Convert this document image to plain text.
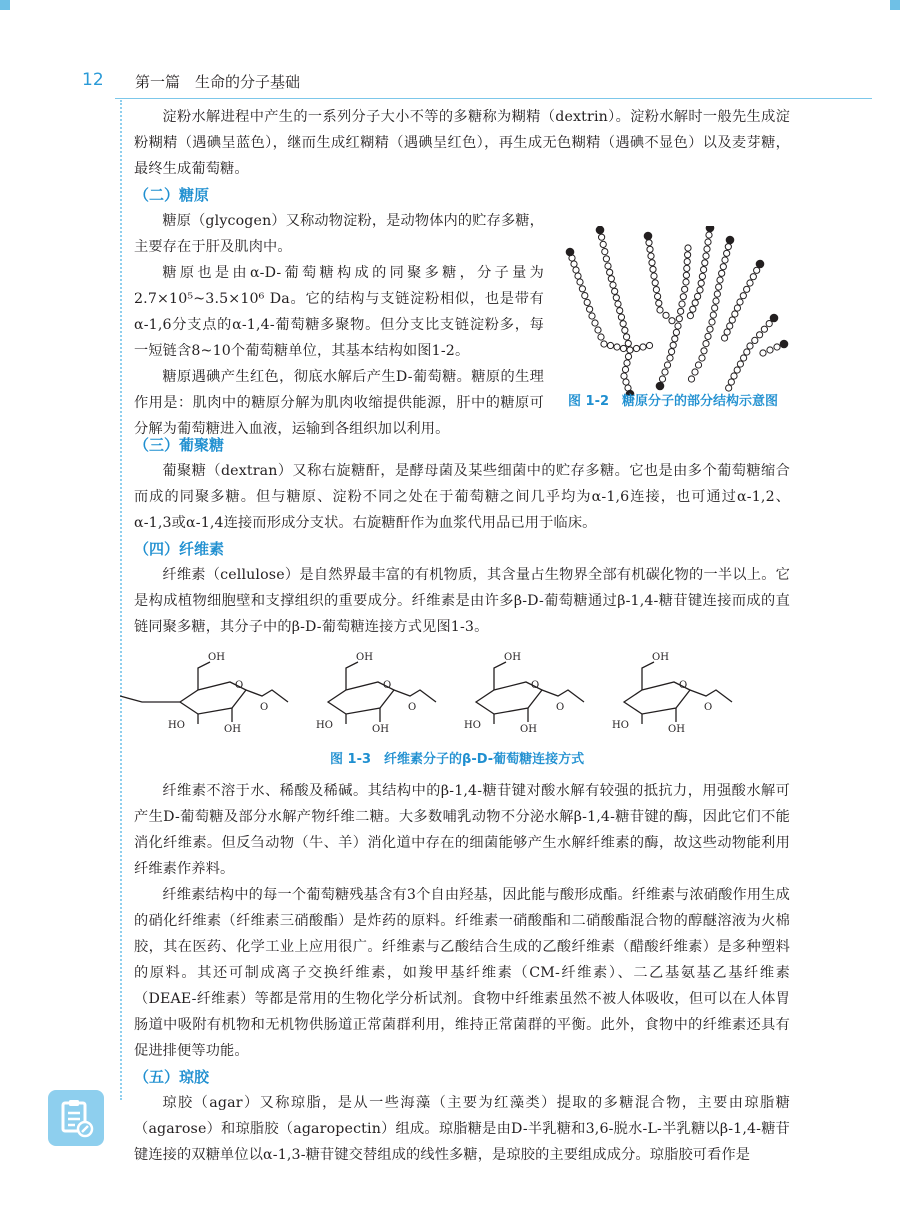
12 第一篇　生命的分子基础

淀粉水解进程中产生的一系列分子大小不等的多糖称为糊精（dextrin）。淀粉水解时一般先生成淀粉糊精（遇碘呈蓝色），继而生成红糊精（遇碘呈红色），再生成无色糊精（遇碘不显色）以及麦芽糖，最终生成葡萄糖。

（二）糖原

糖原（glycogen）又称动物淀粉，是动物体内的贮存多糖，主要存在于肝及肌肉中。

糖原也是由α-D-葡萄糖构成的同聚多糖，分子量为2.7×10⁵~3.5×10⁶ Da。它的结构与支链淀粉相似，也是带有α-1,6分支点的α-1,4-葡萄糖多聚物。但分支比支链淀粉多，每一短链含8~10个葡萄糖单位，其基本结构如图1-2。

糖原遇碘产生红色，彻底水解后产生D-葡萄糖。糖原的生理作用是：肌肉中的糖原分解为肌肉收缩提供能源，肝中的糖原可分解为葡萄糖进入血液，运输到各组织加以利用。

图 1-2　糖原分子的部分结构示意图
（三）葡聚糖

葡聚糖（dextran）又称右旋糖酐，是酵母菌及某些细菌中的贮存多糖。它也是由多个葡萄糖缩合而成的同聚多糖。但与糖原、淀粉不同之处在于葡萄糖之间几乎均为α-1,6连接，也可通过α-1,2、α-1,3或α-1,4连接而形成分支状。右旋糖酐作为血浆代用品已用于临床。

（四）纤维素

纤维素（cellulose）是自然界最丰富的有机物质，其含量占生物界全部有机碳化物的一半以上。它是构成植物细胞壁和支撑组织的重要成分。纤维素是由许多β-D-葡萄糖通过β-1,4-糖苷键连接而成的直链同聚多糖，其分子中的β-D-葡萄糖连接方式见图1-3。

OH
O
HO	OH
O
OH
O
HO	OH
O
OH
O
HO	OH
O
OH
O
HO	OH
O
图 1-3　纤维素分子的β-D-葡萄糖连接方式

纤维素不溶于水、稀酸及稀碱。其结构中的β-1,4-糖苷键对酸水解有较强的抵抗力，用强酸水解可产生D-葡萄糖及部分水解产物纤维二糖。大多数哺乳动物不分泌水解β-1,4-糖苷键的酶，因此它们不能消化纤维素。但反刍动物（牛、羊）消化道中存在的细菌能够产生水解纤维素的酶，故这些动物能利用纤维素作养料。

纤维素结构中的每一个葡萄糖残基含有3个自由羟基，因此能与酸形成酯。纤维素与浓硝酸作用生成的硝化纤维素（纤维素三硝酸酯）是炸药的原料。纤维素一硝酸酯和二硝酸酯混合物的醇醚溶液为火棉胶，其在医药、化学工业上应用很广。纤维素与乙酸结合生成的乙酸纤维素（醋酸纤维素）是多种塑料的原料。其还可制成离子交换纤维素，如羧甲基纤维素（CM-纤维素）、二乙基氨基乙基纤维素（DEAE-纤维素）等都是常用的生物化学分析试剂。食物中纤维素虽然不被人体吸收，但可以在人体胃肠道中吸附有机物和无机物供肠道正常菌群利用，维持正常菌群的平衡。此外，食物中的纤维素还具有促进排便等功能。

（五）琼胶

琼胶（agar）又称琼脂，是从一些海藻（主要为红藻类）提取的多糖混合物，主要由琼脂糖（agarose）和琼脂胶（agaropectin）组成。琼脂糖是由D-半乳糖和3,6-脱水-L-半乳糖以β-1,4-糖苷键连接的双糖单位以α-1,3-糖苷键交替组成的线性多糖，是琼胶的主要组成成分。琼脂胶可看作是
